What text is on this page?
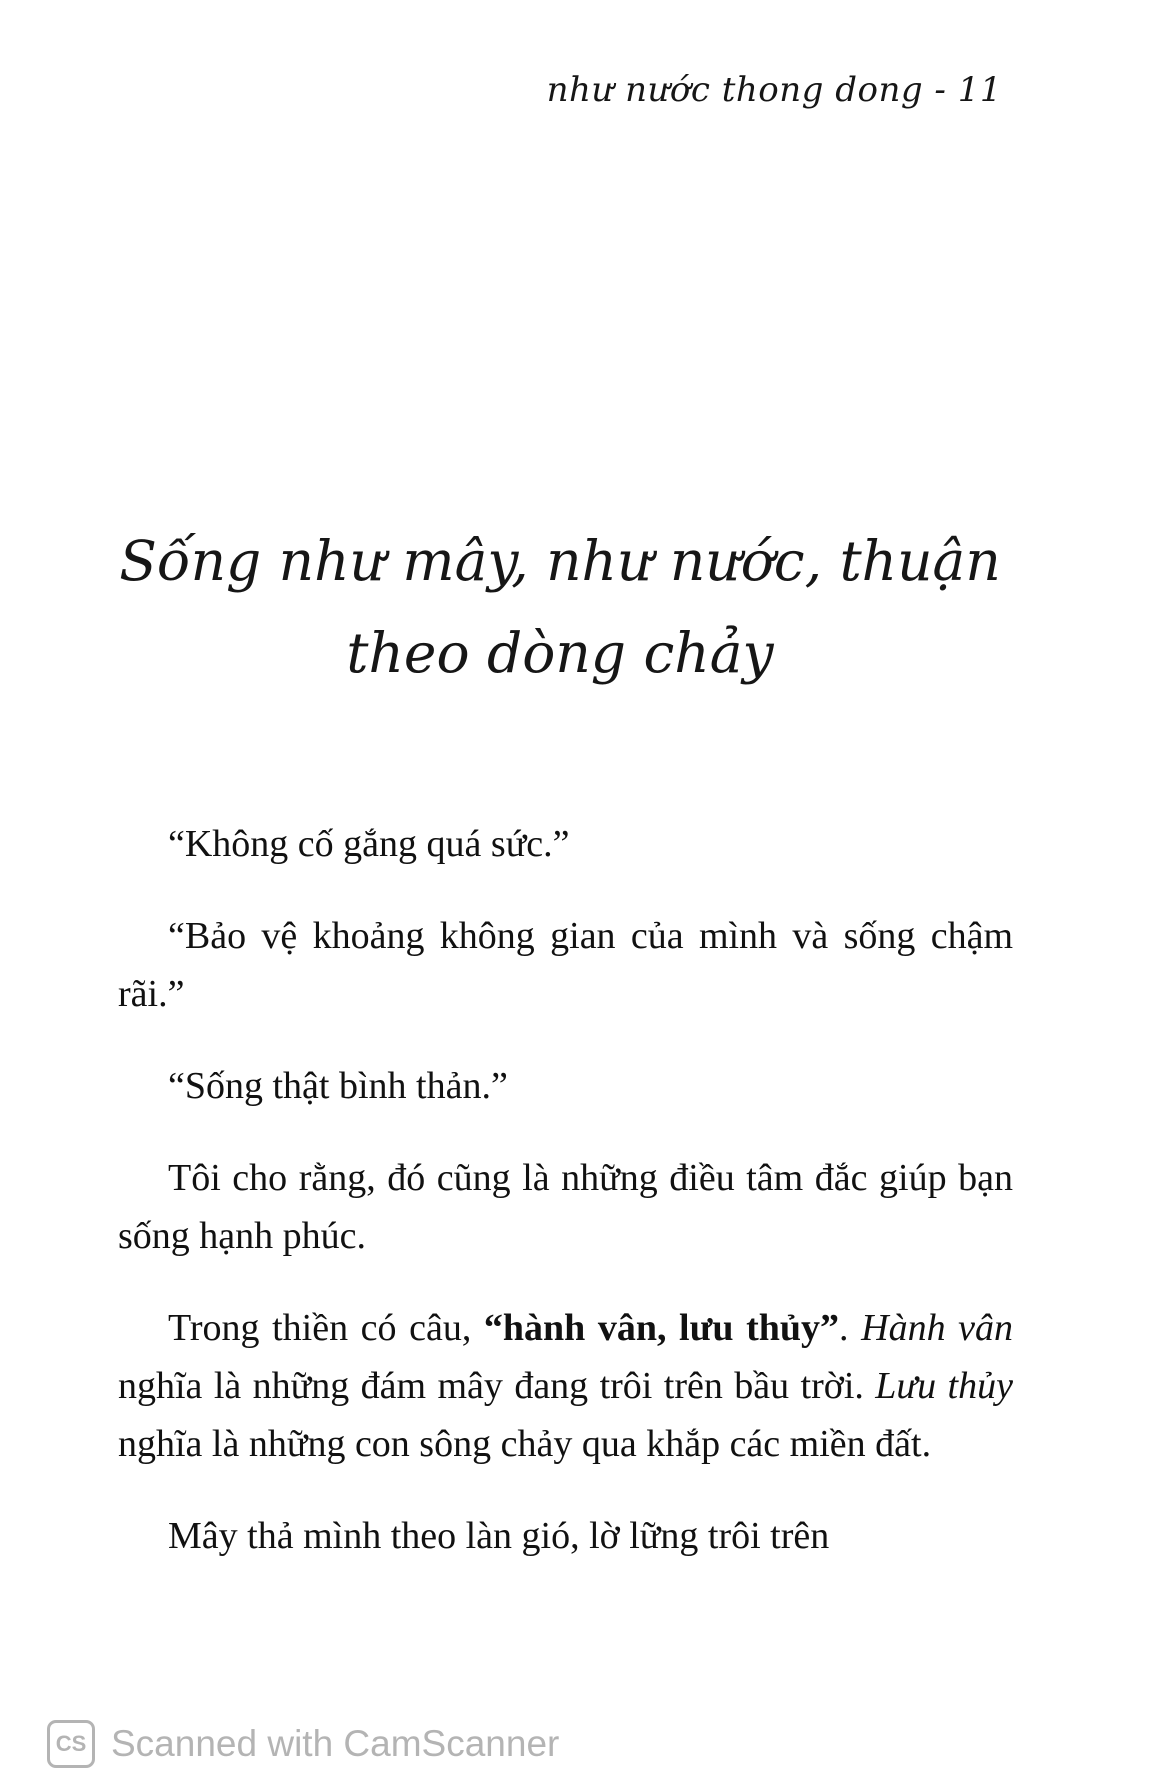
như nước thong dong - 11
Sống như mây, như nước, thuận theo dòng chảy

“Không cố gắng quá sức.”

“Bảo vệ khoảng không gian của mình và sống chậm rãi.”

“Sống thật bình thản.”

Tôi cho rằng, đó cũng là những điều tâm đắc giúp bạn sống hạnh phúc.

Trong thiền có câu, “hành vân, lưu thủy”. Hành vân nghĩa là những đám mây đang trôi trên bầu trời. Lưu thủy nghĩa là những con sông chảy qua khắp các miền đất.

Mây thả mình theo làn gió, lờ lững trôi trên

CS Scanned with CamScanner
